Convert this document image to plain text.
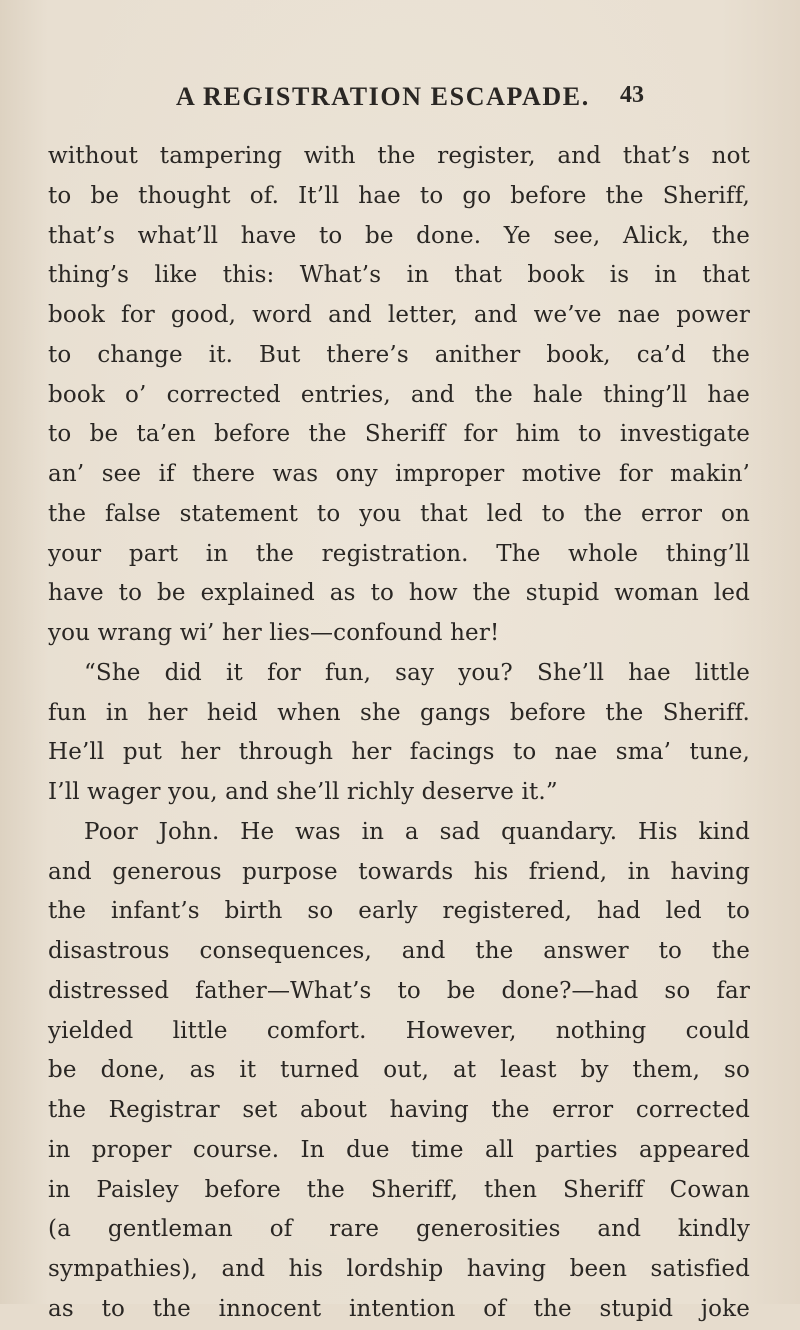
A REGISTRATION ESCAPADE. 43
without tampering with the register, and that’s not
to be thought of. It’ll hae to go before the Sheriff,
that’s what’ll have to be done. Ye see, Alick, the
thing’s like this: What’s in that book is in that
book for good, word and letter, and we’ve nae power
to change it. But there’s anither book, ca’d the
book o’ corrected entries, and the hale thing’ll hae
to be ta’en before the Sheriff for him to investigate
an’ see if there was ony improper motive for makin’
the false statement to you that led to the error on
your part in the registration. The whole thing’ll
have to be explained as to how the stupid woman led
you wrang wi’ her lies—confound her!
“She did it for fun, say you? She’ll hae little
fun in her heid when she gangs before the Sheriff.
He’ll put her through her facings to nae sma’ tune,
I’ll wager you, and she’ll richly deserve it.”
Poor John. He was in a sad quandary. His kind
and generous purpose towards his friend, in having
the infant’s birth so early registered, had led to
disastrous consequences, and the answer to the
distressed father—What’s to be done?—had so far
yielded little comfort. However, nothing could
be done, as it turned out, at least by them, so
the Registrar set about having the error corrected
in proper course. In due time all parties appeared
in Paisley before the Sheriff, then Sheriff Cowan
(a gentleman of rare generosities and kindly
sympathies), and his lordship having been satisfied
as to the innocent intention of the stupid joke
